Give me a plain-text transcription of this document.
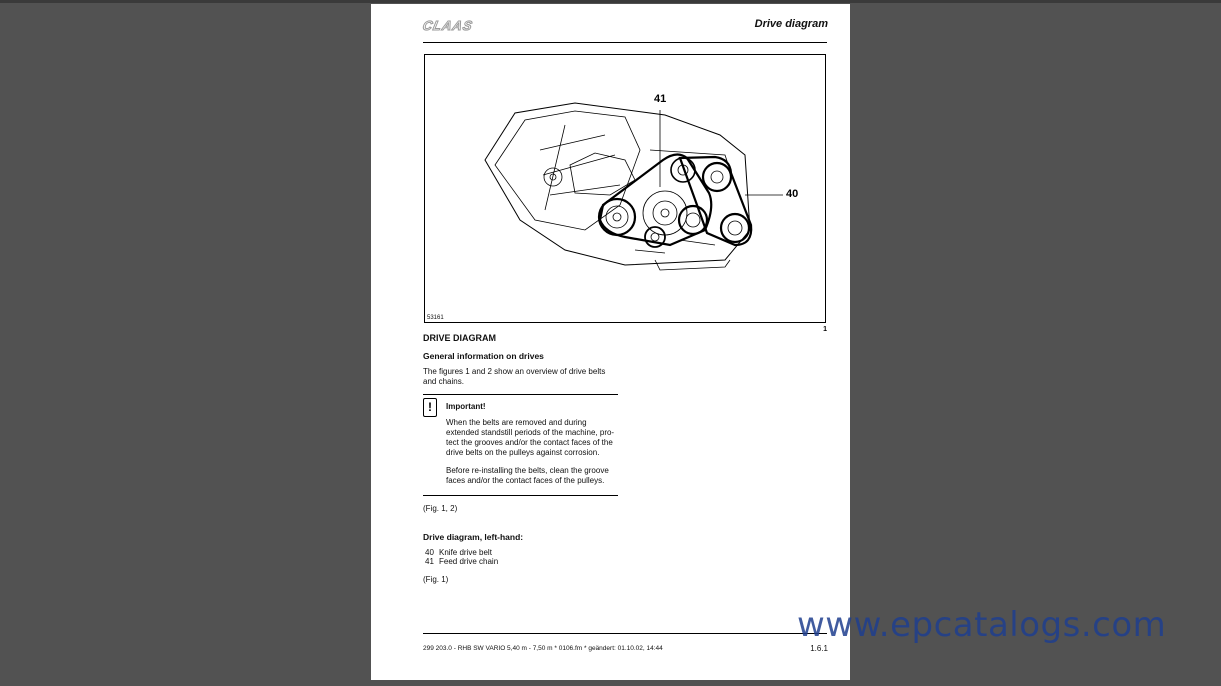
CLAAS	Drive diagram
41
40
53161
1
DRIVE DIAGRAM
General information on drives
The figures 1 and 2 show an overview of drive belts
and chains.
!	Important!
When the belts are removed and during
extended standstill periods of the machine, pro-
tect the grooves and/or the contact faces of the
drive belts on the pulleys against corrosion.
Before re-installing the belts, clean the groove
faces and/or the contact faces of the pulleys.
(Fig. 1, 2)
Drive diagram, left-hand:
40 Knife drive belt
41 Feed drive chain
(Fig. 1)
299 203.0 - RHB SW VARIO 5,40 m - 7,50 m * 0106.fm * geändert: 01.10.02, 14:44	1.6.1
www.epcatalogs.com
